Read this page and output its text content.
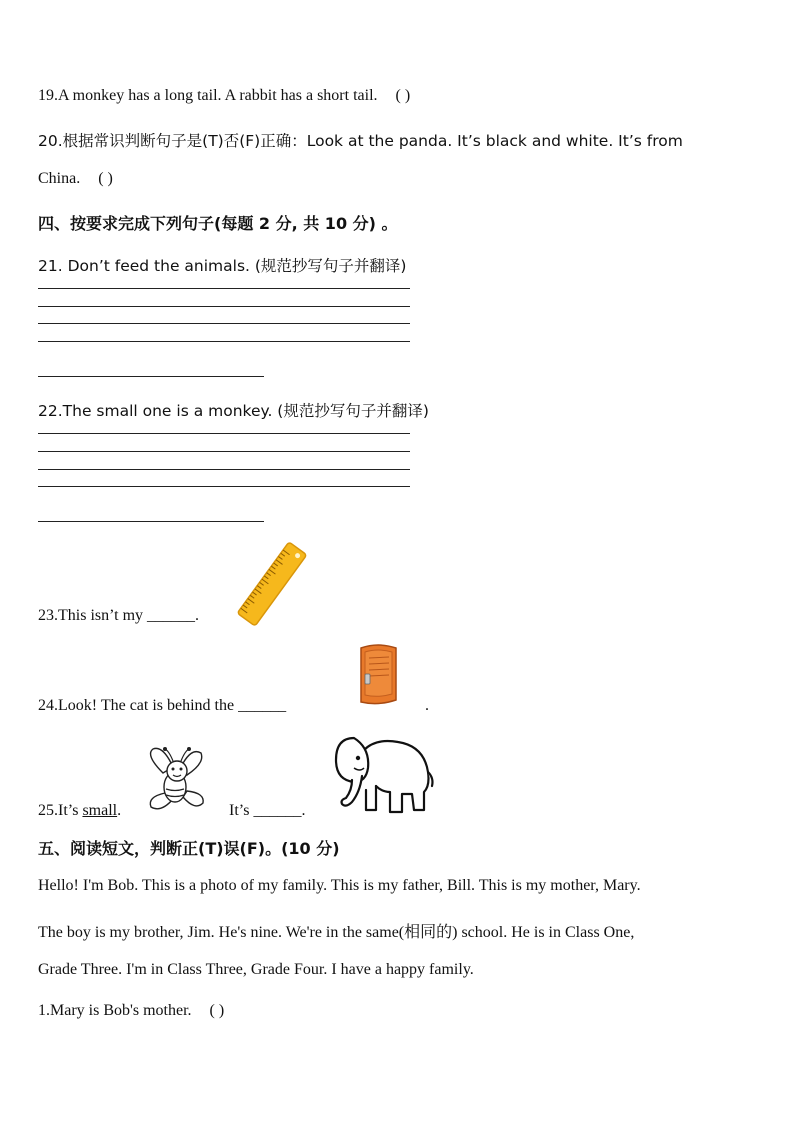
19.A monkey has a long tail. A rabbit has a short tail. ( )
20.根据常识判断句子是(T)否(F)正确：Look at the panda. It’s black and white. It’s from
China. ( )
四、按要求完成下列句子(每题 2 分, 共 10 分) 。
21. Don’t feed the animals. (规范抄写句子并翻译)
22.The small one is a monkey. (规范抄写句子并翻译)
23.This isn’t my ______.
24.Look! The cat is behind the ______	.
25.It’s small.	It’s ______.
五、阅读短文，判断正(T)误(F)。(10 分)
Hello! I'm Bob. This is a photo of my family. This is my father, Bill. This is my mother, Mary.
The boy is my brother, Jim. He's nine. We're in the same(相同的) school. He is in Class One,
Grade Three. I'm in Class Three, Grade Four. I have a happy family.
1.Mary is Bob's mother. ( )
